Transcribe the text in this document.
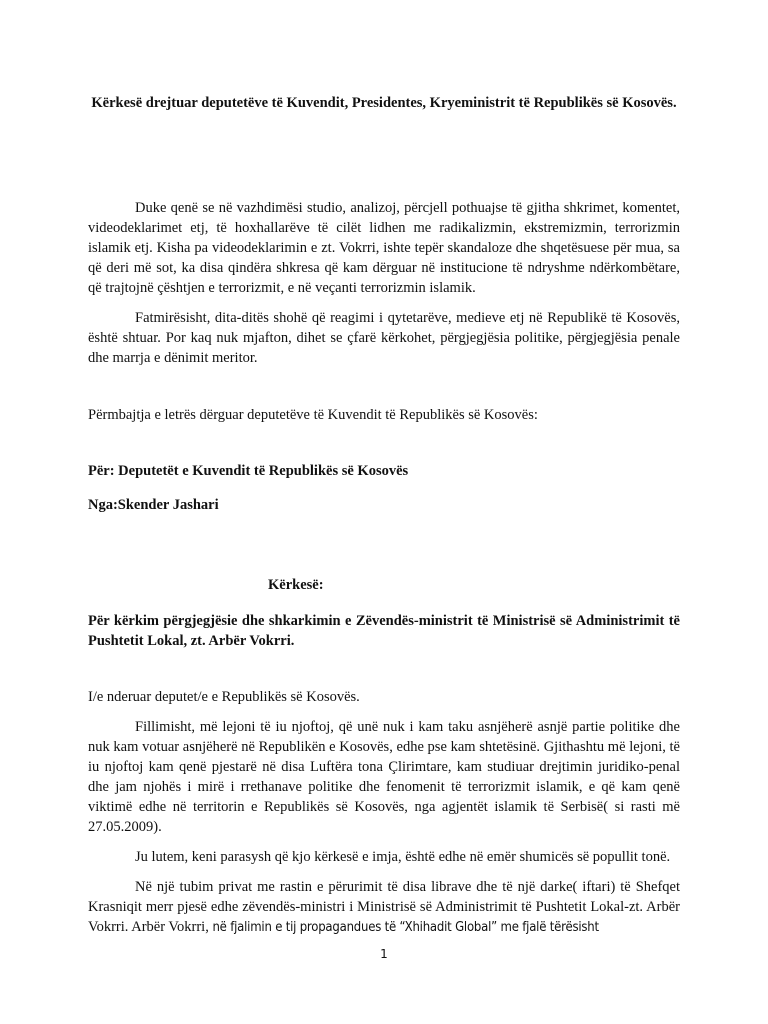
Kërkesë drejtuar deputetëve të Kuvendit, Presidentes, Kryeministrit të Republikës së Kosovës.

Duke qenë se në vazhdimësi studio, analizoj, përcjell pothuajse të gjitha shkrimet, komentet, videodeklarimet etj, të hoxhallarëve të cilët lidhen me radikalizmin, ekstremizmin, terrorizmin islamik etj. Kisha pa videodeklarimin e zt. Vokrri, ishte tepër skandaloze dhe shqetësuese për mua, sa që deri më sot, ka disa qindëra shkresa që kam dërguar në institucione të ndryshme ndërkombëtare, që trajtojnë çështjen e terrorizmit, e në veçanti terrorizmin islamik.

Fatmirësisht, dita-ditës shohë që reagimi i qytetarëve, medieve etj në Republikë të Kosovës, është shtuar. Por kaq nuk mjafton, dihet se çfarë kërkohet, përgjegjësia politike, përgjegjësia penale dhe marrja e dënimit meritor.

Përmbajtja e letrës dërguar deputetëve të Kuvendit të Republikës së Kosovës:

Për: Deputetët e Kuvendit të Republikës së Kosovës

Nga:Skender Jashari

Kërkesë:

Për kërkim përgjegjësie dhe shkarkimin e Zëvendës-ministrit të Ministrisë së Administrimit të Pushtetit Lokal, zt. Arbër Vokrri.

I/e nderuar deputet/e e Republikës së Kosovës.

Fillimisht, më lejoni të iu njoftoj, që unë nuk i kam taku asnjëherë asnjë partie politike dhe nuk kam votuar asnjëherë në Republikën e Kosovës, edhe pse kam shtetësinë. Gjithashtu më lejoni, të iu njoftoj kam qenë pjestarë në disa Luftëra tona Çlirimtare, kam studiuar drejtimin juridiko-penal dhe jam njohës i mirë i rrethanave politike dhe fenomenit të terrorizmit islamik, e që kam qenë viktimë edhe në territorin e Republikës së Kosovës, nga agjentët islamik të Serbisë( si rasti më 27.05.2009).

Ju lutem, keni parasysh që kjo kërkesë e imja, është edhe në emër shumicës së popullit tonë.

Në një tubim privat me rastin e përurimit të disa librave dhe të një darke( iftari) të Shefqet Krasniqit merr pjesë edhe zëvendës-ministri i Ministrisë së Administrimit të Pushtetit Lokal-zt. Arbër Vokrri. Arbër Vokrri, në fjalimin e tij propagandues të “Xhihadit Global” me fjalë tërësisht

1
